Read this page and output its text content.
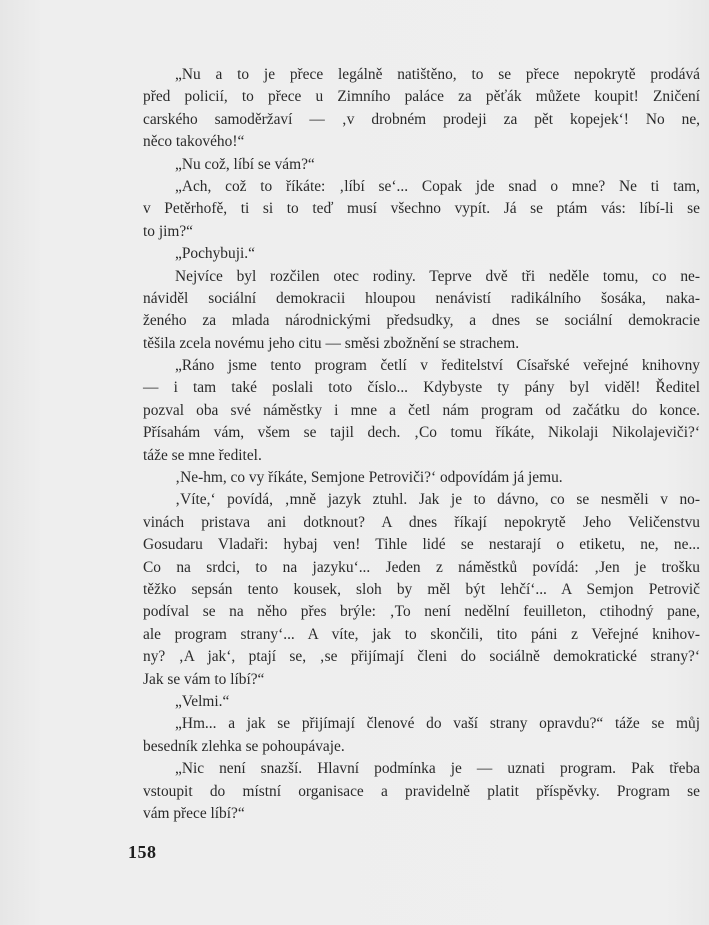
„Nu a to je přece legálně natištěno, to se přece nepokrytě prodává
před policií, to přece u Zimního paláce za pěťák můžete koupit! Zničení
carského samoděržaví — ‚v drobném prodeji za pět kopejek‘! No ne,
něco takového!“
„Nu což, líbí se vám?“
„Ach, což to říkáte: ‚líbí se‘... Copak jde snad o mne? Ne ti tam,
v Petěrhofě, ti si to teď musí všechno vypít. Já se ptám vás: líbí-li se
to jim?“
„Pochybuji.“
Nejvíce byl rozčilen otec rodiny. Teprve dvě tři neděle tomu, co ne-
náviděl sociální demokracii hloupou nenávistí radikálního šosáka, naka-
ženého za mlada národnickými předsudky, a dnes se sociální demokracie
těšila zcela novému jeho citu — směsi zbožnění se strachem.
„Ráno jsme tento program četlí v ředitelství Císařské veřejné knihovny
— i tam také poslali toto číslo... Kdybyste ty pány byl viděl! Ředitel
pozval oba své náměstky i mne a četl nám program od začátku do konce.
Přísahám vám, všem se tajil dech. ‚Co tomu říkáte, Nikolaji Nikolajeviči?‘
táže se mne ředitel.
‚Ne-hm, co vy říkáte, Semjone Petroviči?‘ odpovídám já jemu.
‚Víte,‘ povídá, ‚mně jazyk ztuhl. Jak je to dávno, co se nesměli v no-
vinách pristava ani dotknout? A dnes říkají nepokrytě Jeho Veličenstvu
Gosudaru Vladaři: hybaj ven! Tihle lidé se nestarají o etiketu, ne, ne...
Co na srdci, to na jazyku‘... Jeden z náměstků povídá: ‚Jen je trošku
těžko sepsán tento kousek, sloh by měl být lehčí‘... A Semjon Petrovič
podíval se na něho přes brýle: ‚To není nedělní feuilleton, ctihodný pane,
ale program strany‘... A víte, jak to skončili, tito páni z Veřejné knihov-
ny? ‚A jak‘, ptají se, ‚se přijímají členi do sociálně demokratické strany?‘
Jak se vám to líbí?“
„Velmi.“
„Hm... a jak se přijímají členové do vaší strany opravdu?“ táže se můj
besedník zlehka se pohoupávaje.
„Nic není snazší. Hlavní podmínka je — uznati program. Pak třeba
vstoupit do místní organisace a pravidelně platit příspěvky. Program se
vám přece líbí?“
158
